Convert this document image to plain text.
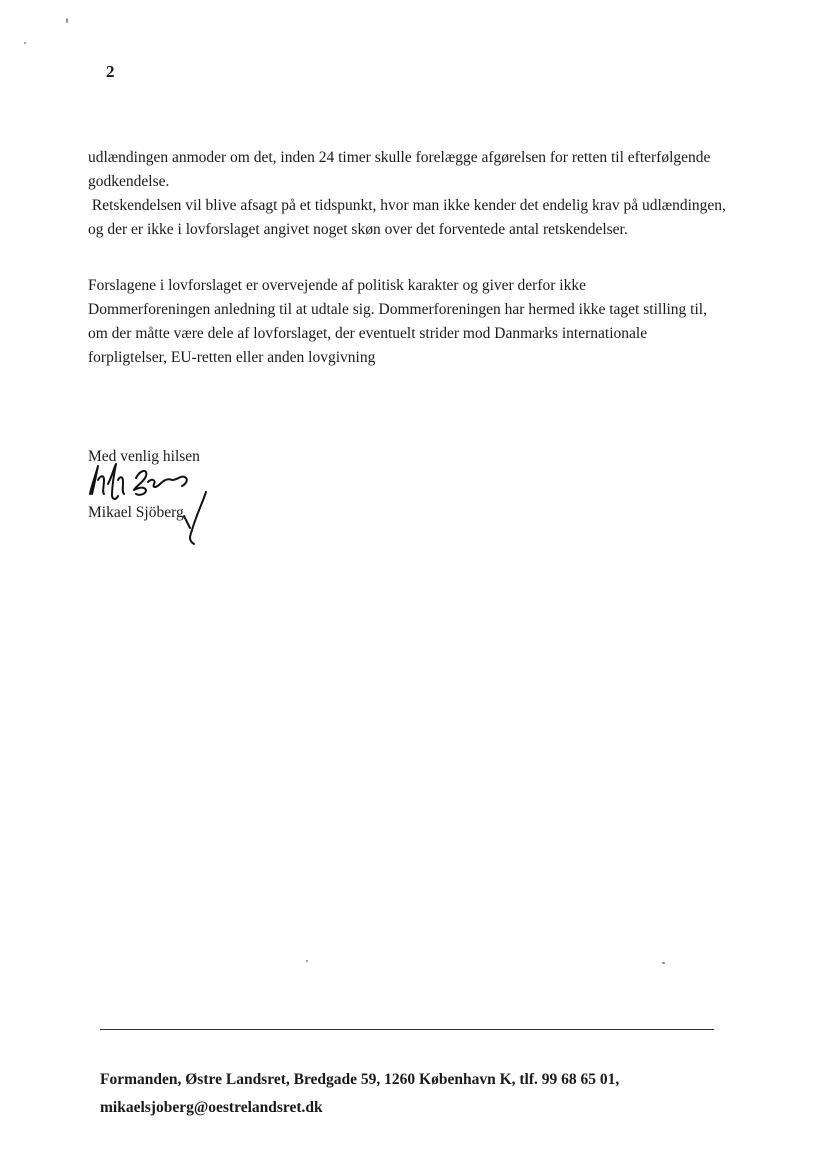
2
udlændingen anmoder om det, inden 24 timer skulle forelægge afgørelsen for retten til efterfølgende
godkendelse.
Retskendelsen vil blive afsagt på et tidspunkt, hvor man ikke kender det endelig krav på udlændingen,
og der er ikke i lovforslaget angivet noget skøn over det forventede antal retskendelser.
Forslagene i lovforslaget er overvejende af politisk karakter og giver derfor ikke
Dommerforeningen anledning til at udtale sig. Dommerforeningen har hermed ikke taget stilling til,
om der måtte være dele af lovforslaget, der eventuelt strider mod Danmarks internationale
forpligtelser, EU-retten eller anden lovgivning
Med venlig hilsen
Mikael Sjöberg
Formanden, Østre Landsret, Bredgade 59, 1260 København K, tlf. 99 68 65 01,
mikaelsjoberg@oestrelandsret.dk
